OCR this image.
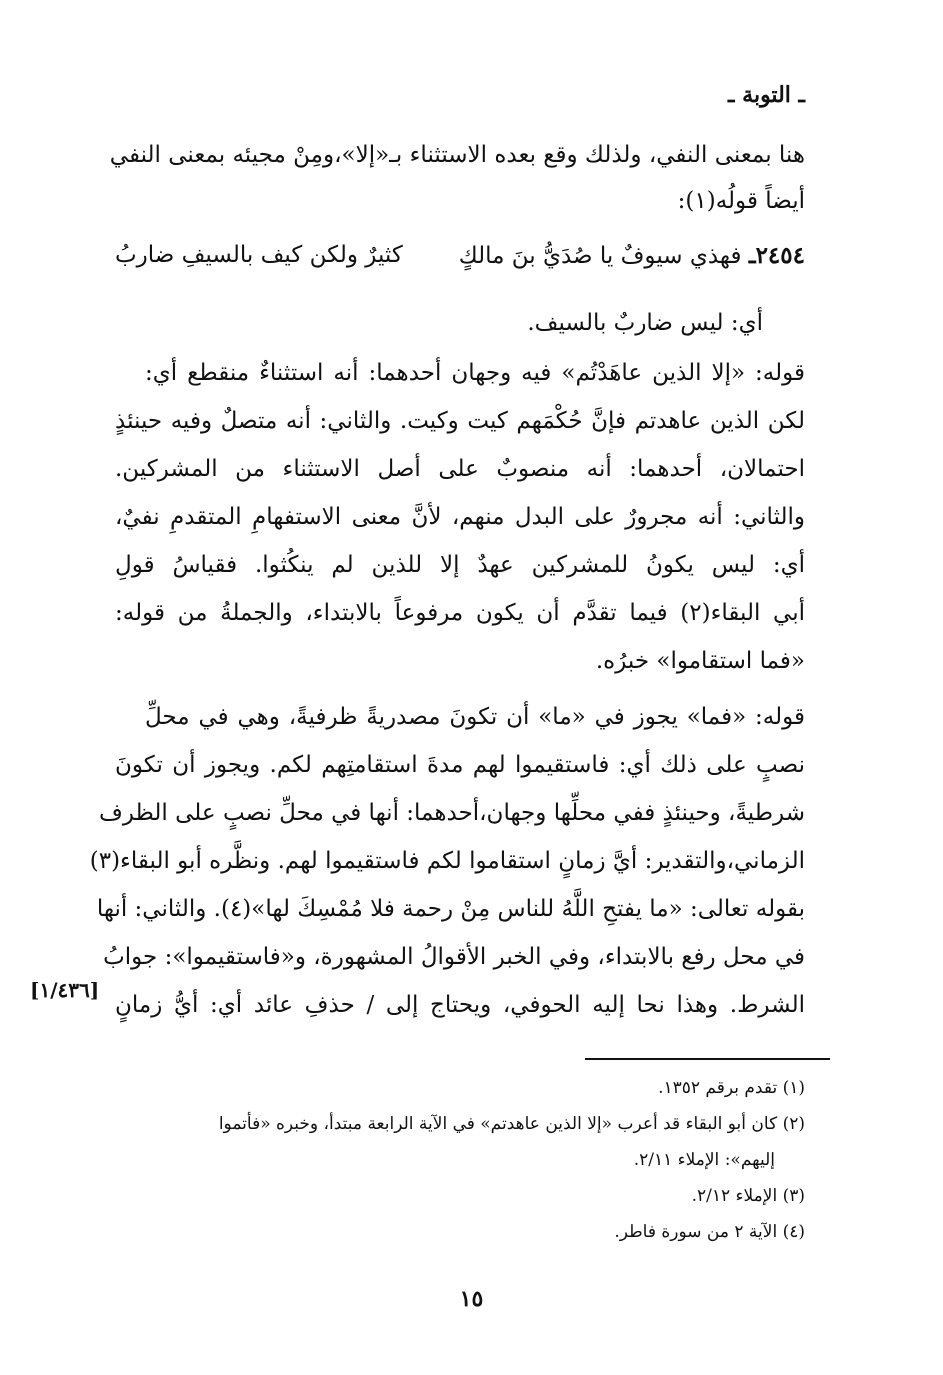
ـ التوبة ـ
هنا بمعنى النفي، ولذلك وقع بعده الاستثناء بـ«إلا»،ومِنْ مجيئه بمعنى النفي
أيضاً قولُه(١):
٢٤٥٤ـ فهذي سيوفٌ يا صُدَيُّ بنَ مالكٍ
كثيرٌ ولكن كيف بالسيفِ ضاربُ
أي: ليس ضاربٌ بالسيف.
قوله: «إلا الذين عاهَدْتُم» فيه وجهان أحدهما: أنه استثناءٌ منقطع أي:
لكن الذين عاهدتم فإنَّ حُكْمَهم كيت وكيت. والثاني: أنه متصلٌ وفيه حينئذٍ
احتمالان، أحدهما: أنه منصوبٌ على أصل الاستثناء من المشركين.
والثاني: أنه مجرورٌ على البدل منهم، لأنَّ معنى الاستفهامِ المتقدمِ نفيٌ،
أي: ليس يكونُ للمشركين عهدٌ إلا للذين لم ينكُثوا. فقياسُ قولِ
أبي البقاء(٢) فيما تقدَّم أن يكون مرفوعاً بالابتداء، والجملةُ من قوله:
«فما استقاموا» خبرُه.
قوله: «فما» يجوز في «ما» أن تكونَ مصدريةً ظرفيةً، وهي في محلِّ
نصبٍ على ذلك أي: فاستقيموا لهم مدةَ استقامتِهم لكم. ويجوز أن تكونَ
شرطيةً، وحينئذٍ ففي محلِّها وجهان،أحدهما: أنها في محلِّ نصبٍ على الظرف
الزماني،والتقدير: أيَّ زمانٍ استقاموا لكم فاستقيموا لهم. ونظَّره أبو البقاء(٣)
بقوله تعالى: «ما يفتحِ اللَّهُ للناس مِنْ رحمة فلا مُمْسِكَ لها»(٤). والثاني: أنها
في محل رفع بالابتداء، وفي الخبر الأقوالُ المشهورة، و«فاستقيموا»: جوابُ
الشرط. وهذا نحا إليه الحوفي، ويحتاج إلى / حذفِ عائد أي: أيُّ زمانٍ
[١/٤٣٦]
(١) تقدم برقم ١٣٥٢.
(٢) كان أبو البقاء قد أعرب «إلا الذين عاهدتم» في الآية الرابعة مبتدأ، وخبره «فأتموا
إليهم»: الإملاء ٢/١١.
(٣) الإملاء ٢/١٢.
(٤) الآية ٢ من سورة فاطر.
١٥
